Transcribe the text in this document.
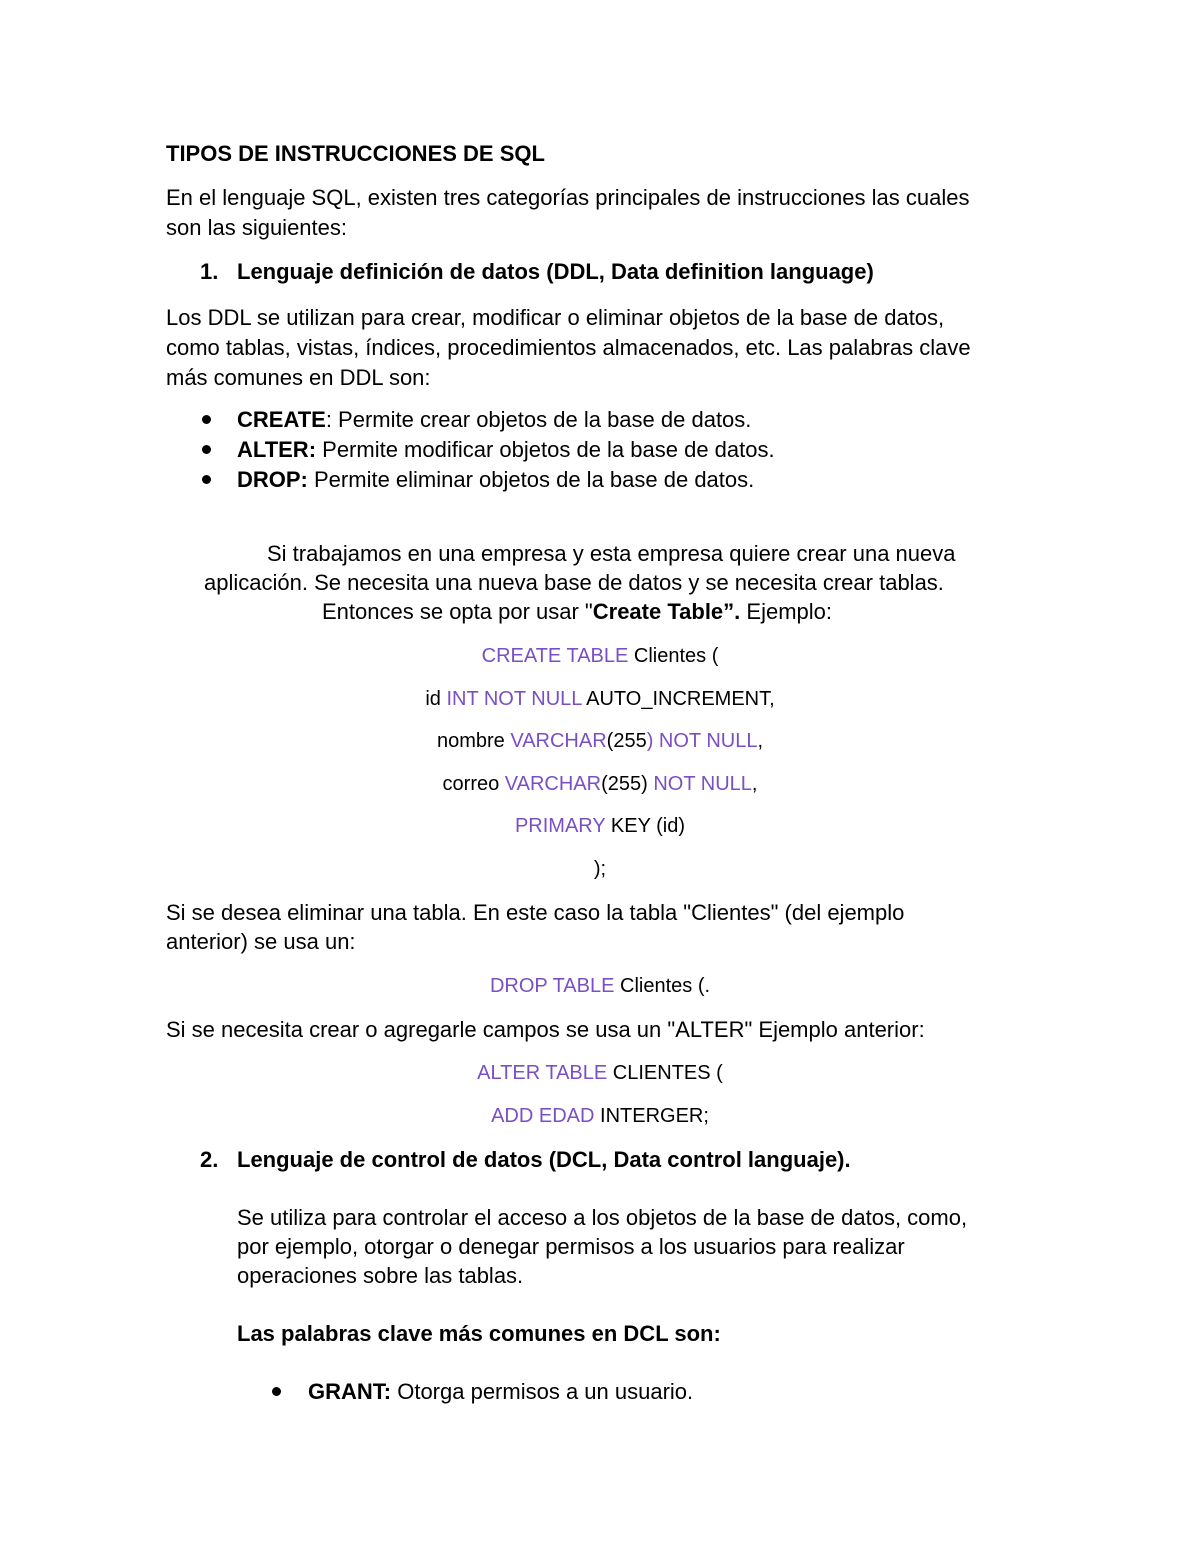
TIPOS DE INSTRUCCIONES DE SQL
En el lenguaje SQL, existen tres categorías principales de instrucciones las cuales
son las siguientes:
1. Lenguaje definición de datos (DDL, Data definition language)
Los DDL se utilizan para crear, modificar o eliminar objetos de la base de datos,
como tablas, vistas, índices, procedimientos almacenados, etc. Las palabras clave
más comunes en DDL son:
CREATE: Permite crear objetos de la base de datos.
ALTER: Permite modificar objetos de la base de datos.
DROP: Permite eliminar objetos de la base de datos.
Si trabajamos en una empresa y esta empresa quiere crear una nueva
aplicación. Se necesita una nueva base de datos y se necesita crear tablas.
Entonces se opta por usar "Create Table”. Ejemplo:
CREATE TABLE Clientes (
id INT NOT NULL AUTO_INCREMENT,
nombre VARCHAR(255) NOT NULL,
correo VARCHAR(255) NOT NULL,
PRIMARY KEY (id)
);
Si se desea eliminar una tabla. En este caso la tabla "Clientes" (del ejemplo
anterior) se usa un:
DROP TABLE Clientes (.
Si se necesita crear o agregarle campos se usa un "ALTER" Ejemplo anterior:
ALTER TABLE CLIENTES (
ADD EDAD INTERGER;
2. Lenguaje de control de datos (DCL, Data control languaje).
Se utiliza para controlar el acceso a los objetos de la base de datos, como,
por ejemplo, otorgar o denegar permisos a los usuarios para realizar
operaciones sobre las tablas.
Las palabras clave más comunes en DCL son:
GRANT: Otorga permisos a un usuario.
